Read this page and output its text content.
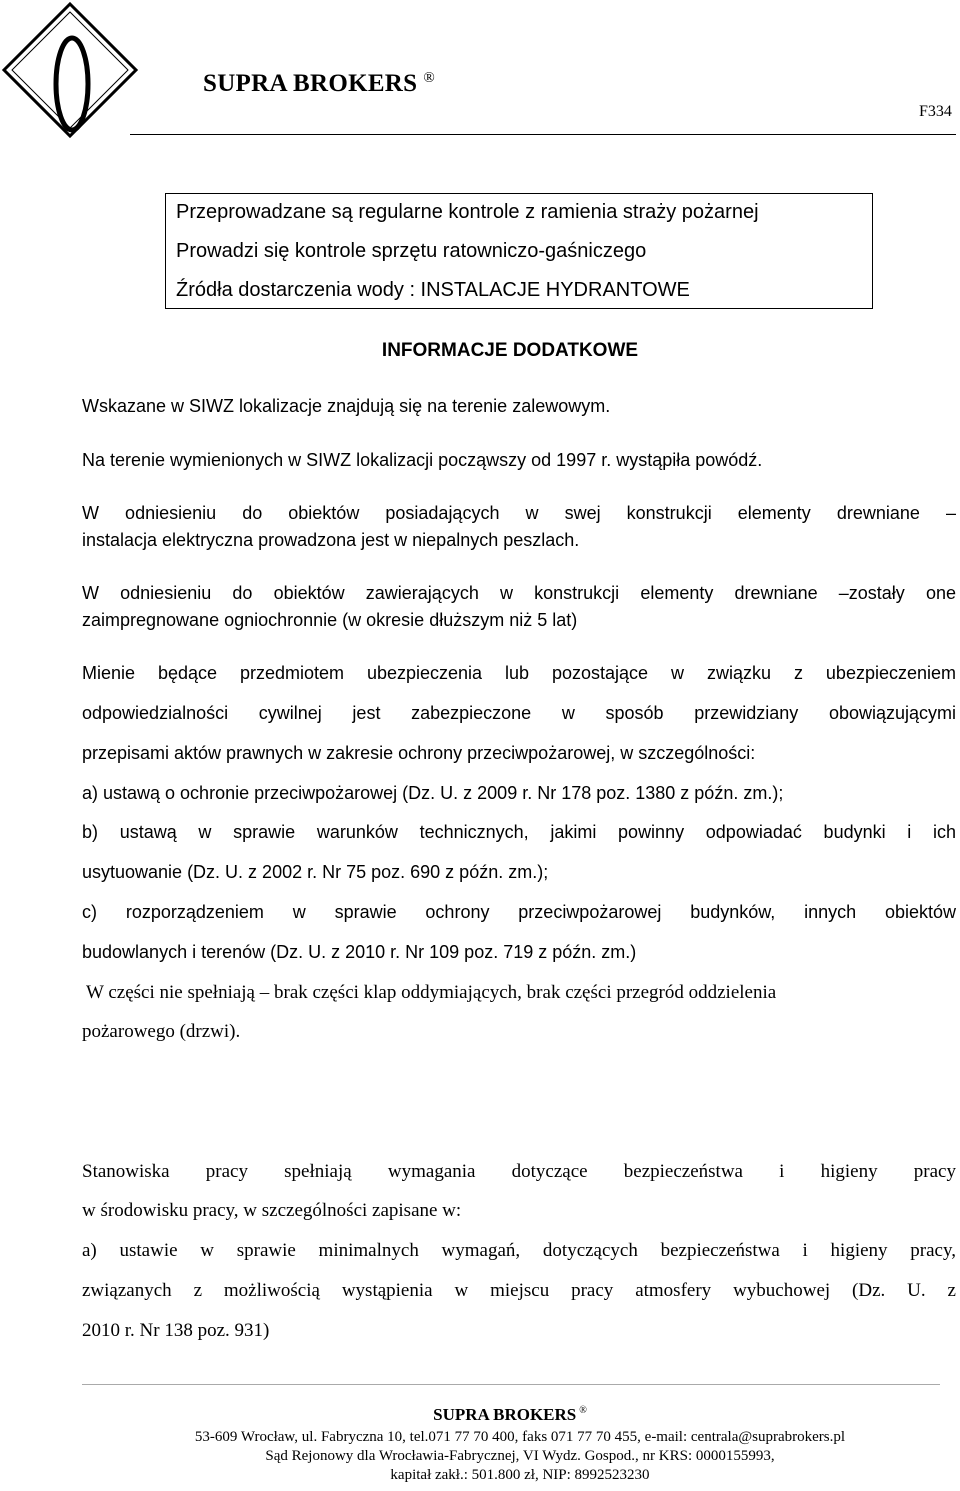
SUPRA BROKERS ®
F334
Przeprowadzane są regularne kontrole z ramienia straży pożarnej
Prowadzi się kontrole sprzętu ratowniczo-gaśniczego
Źródła dostarczenia wody : INSTALACJE HYDRANTOWE
INFORMACJE DODATKOWE
Wskazane w SIWZ lokalizacje znajdują się na terenie zalewowym.
Na terenie wymienionych w SIWZ lokalizacji począwszy od 1997 r. wystąpiła powódź.
W odniesieniu do obiektów posiadających w swej konstrukcji elementy drewniane –
instalacja elektryczna prowadzona jest w niepalnych peszlach.
W odniesieniu do obiektów zawierających w konstrukcji elementy drewniane –zostały one
zaimpregnowane ogniochronnie (w okresie dłuższym niż 5 lat)
Mienie będące przedmiotem ubezpieczenia lub pozostające w związku z ubezpieczeniem
odpowiedzialności cywilnej jest zabezpieczone w sposób przewidziany obowiązującymi
przepisami aktów prawnych w zakresie ochrony przeciwpożarowej, w szczególności:
a) ustawą o ochronie przeciwpożarowej (Dz. U. z 2009 r. Nr 178 poz. 1380 z późn. zm.);
b) ustawą w sprawie warunków technicznych, jakimi powinny odpowiadać budynki i ich
usytuowanie (Dz. U. z 2002 r. Nr 75 poz. 690 z późn. zm.);
c) rozporządzeniem w sprawie ochrony przeciwpożarowej budynków, innych obiektów
budowlanych i terenów (Dz. U. z 2010 r. Nr 109 poz. 719 z późn. zm.)
W części nie spełniają – brak części klap oddymiających, brak części przegród oddzielenia
pożarowego (drzwi).
Stanowiska pracy spełniają wymagania dotyczące bezpieczeństwa i higieny pracy
w środowisku pracy, w szczególności zapisane w:
a) ustawie w sprawie minimalnych wymagań, dotyczących bezpieczeństwa i higieny pracy,
związanych z możliwością wystąpienia w miejscu pracy atmosfery wybuchowej (Dz. U. z
2010 r. Nr 138 poz. 931)
SUPRA BROKERS ®
53-609 Wrocław, ul. Fabryczna 10, tel.071 77 70 400, faks 071 77 70 455, e-mail: centrala@suprabrokers.pl
Sąd Rejonowy dla Wrocławia-Fabrycznej, VI Wydz. Gospod., nr KRS: 0000155993,
kapitał zakł.: 501.800 zł, NIP: 8992523230
